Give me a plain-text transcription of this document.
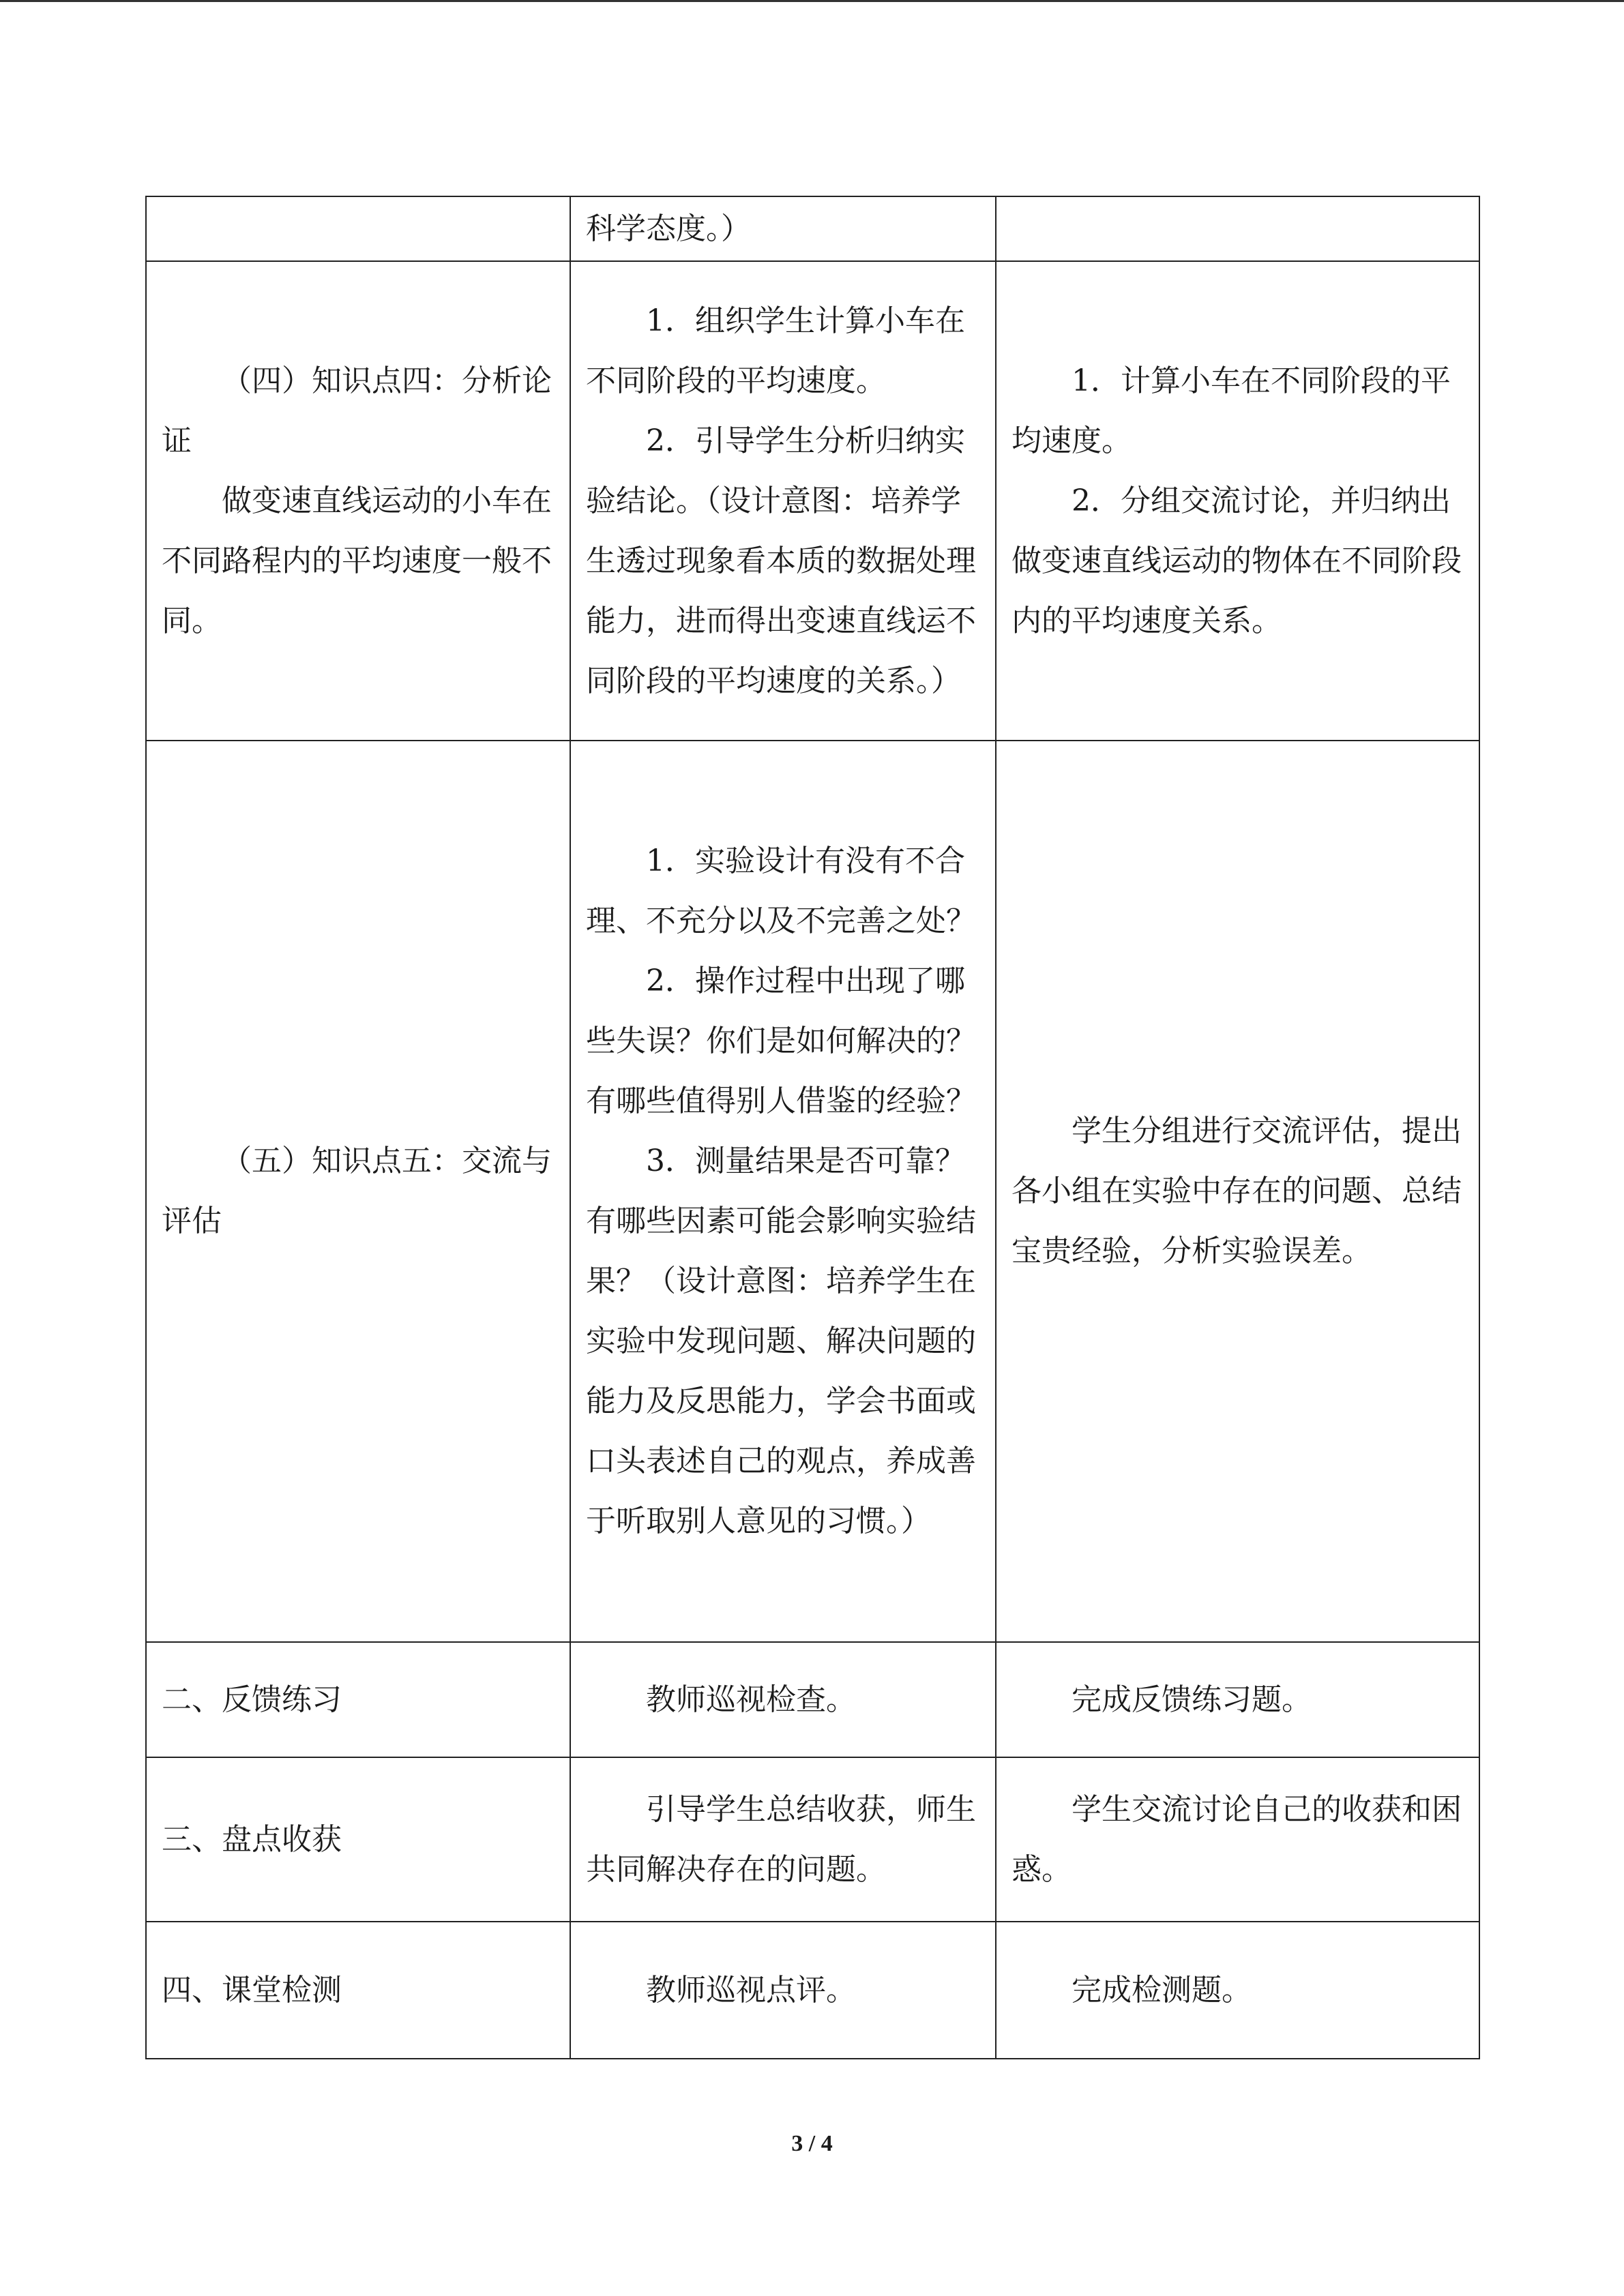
	科学态度。）	

（四）知识点四：分析论证
做变速直线运动的小车在不同路程内的平均速度一般不同。	1．组织学生计算小车在不同阶段的平均速度。
2．引导学生分析归纳实验结论。（设计意图：培养学生透过现象看本质的数据处理能力，进而得出变速直线运不同阶段的平均速度的关系。）	1．计算小车在不同阶段的平均速度。
2．分组交流讨论，并归纳出做变速直线运动的物体在不同阶段内的平均速度关系。

（五）知识点五：交流与评估	1．实验设计有没有不合理、不充分以及不完善之处？
2．操作过程中出现了哪些失误？你们是如何解决的？有哪些值得别人借鉴的经验？
3．测量结果是否可靠？有哪些因素可能会影响实验结果？（设计意图：培养学生在实验中发现问题、解决问题的能力及反思能力，学会书面或口头表述自己的观点，养成善于听取别人意见的习惯。）	学生分组进行交流评估，提出各小组在实验中存在的问题、总结宝贵经验，分析实验误差。

二、反馈练习	教师巡视检查。	完成反馈练习题。

三、盘点收获	引导学生总结收获，师生共同解决存在的问题。	学生交流讨论自己的收获和困惑。

四、课堂检测	教师巡视点评。	完成检测题。
3 / 4
